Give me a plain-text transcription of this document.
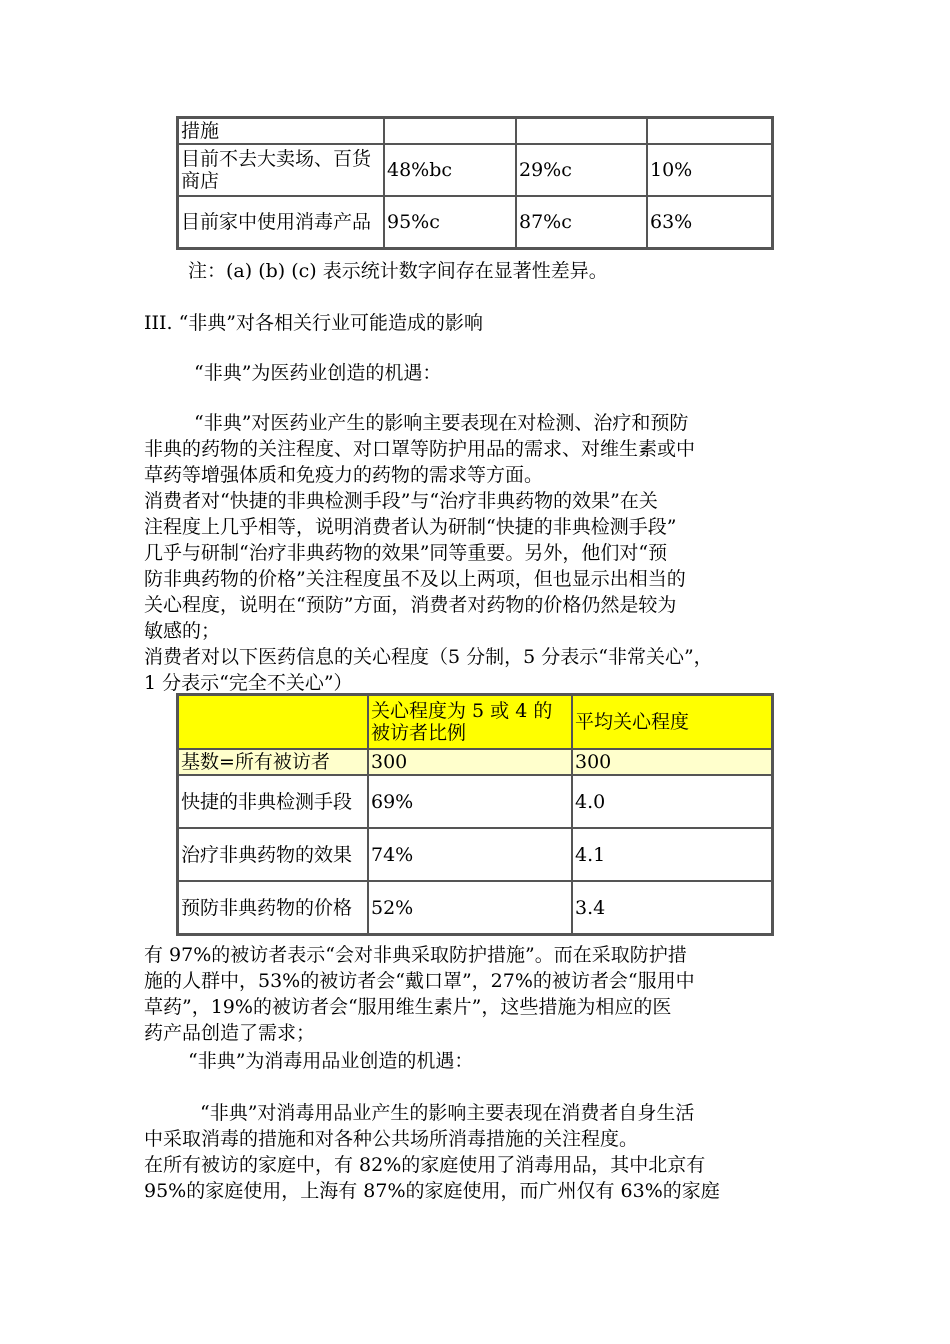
措施			
目前不去大卖场、百货商店	48%bc	29%c	10%
目前家中使用消毒产品	95%c	87%c	63%
注：(a) (b) (c) 表示统计数字间存在显著性差异。
III. “非典”对各相关行业可能造成的影响
“非典”为医药业创造的机遇：
“非典”对医药业产生的影响主要表现在对检测、治疗和预防
非典的药物的关注程度、对口罩等防护用品的需求、对维生素或中
草药等增强体质和免疫力的药物的需求等方面。
消费者对“快捷的非典检测手段”与“治疗非典药物的效果”在关
注程度上几乎相等，说明消费者认为研制“快捷的非典检测手段”
几乎与研制“治疗非典药物的效果”同等重要。另外，他们对“预
防非典药物的价格”关注程度虽不及以上两项，但也显示出相当的
关心程度，说明在“预防”方面，消费者对药物的价格仍然是较为
敏感的；
消费者对以下医药信息的关心程度（5 分制，5 分表示“非常关心”，
1 分表示“完全不关心”）
	关心程度为 5 或 4 的被访者比例	平均关心程度
基数=所有被访者	300	300
快捷的非典检测手段	69%	4.0
治疗非典药物的效果	74%	4.1
预防非典药物的价格	52%	3.4
有 97%的被访者表示“会对非典采取防护措施”。而在采取防护措
施的人群中，53%的被访者会“戴口罩”，27%的被访者会“服用中
草药”，19%的被访者会“服用维生素片”，这些措施为相应的医
药产品创造了需求；
“非典”为消毒用品业创造的机遇：
“非典”对消毒用品业产生的影响主要表现在消费者自身生活
中采取消毒的措施和对各种公共场所消毒措施的关注程度。
在所有被访的家庭中，有 82%的家庭使用了消毒用品，其中北京有
95%的家庭使用，上海有 87%的家庭使用，而广州仅有 63%的家庭
